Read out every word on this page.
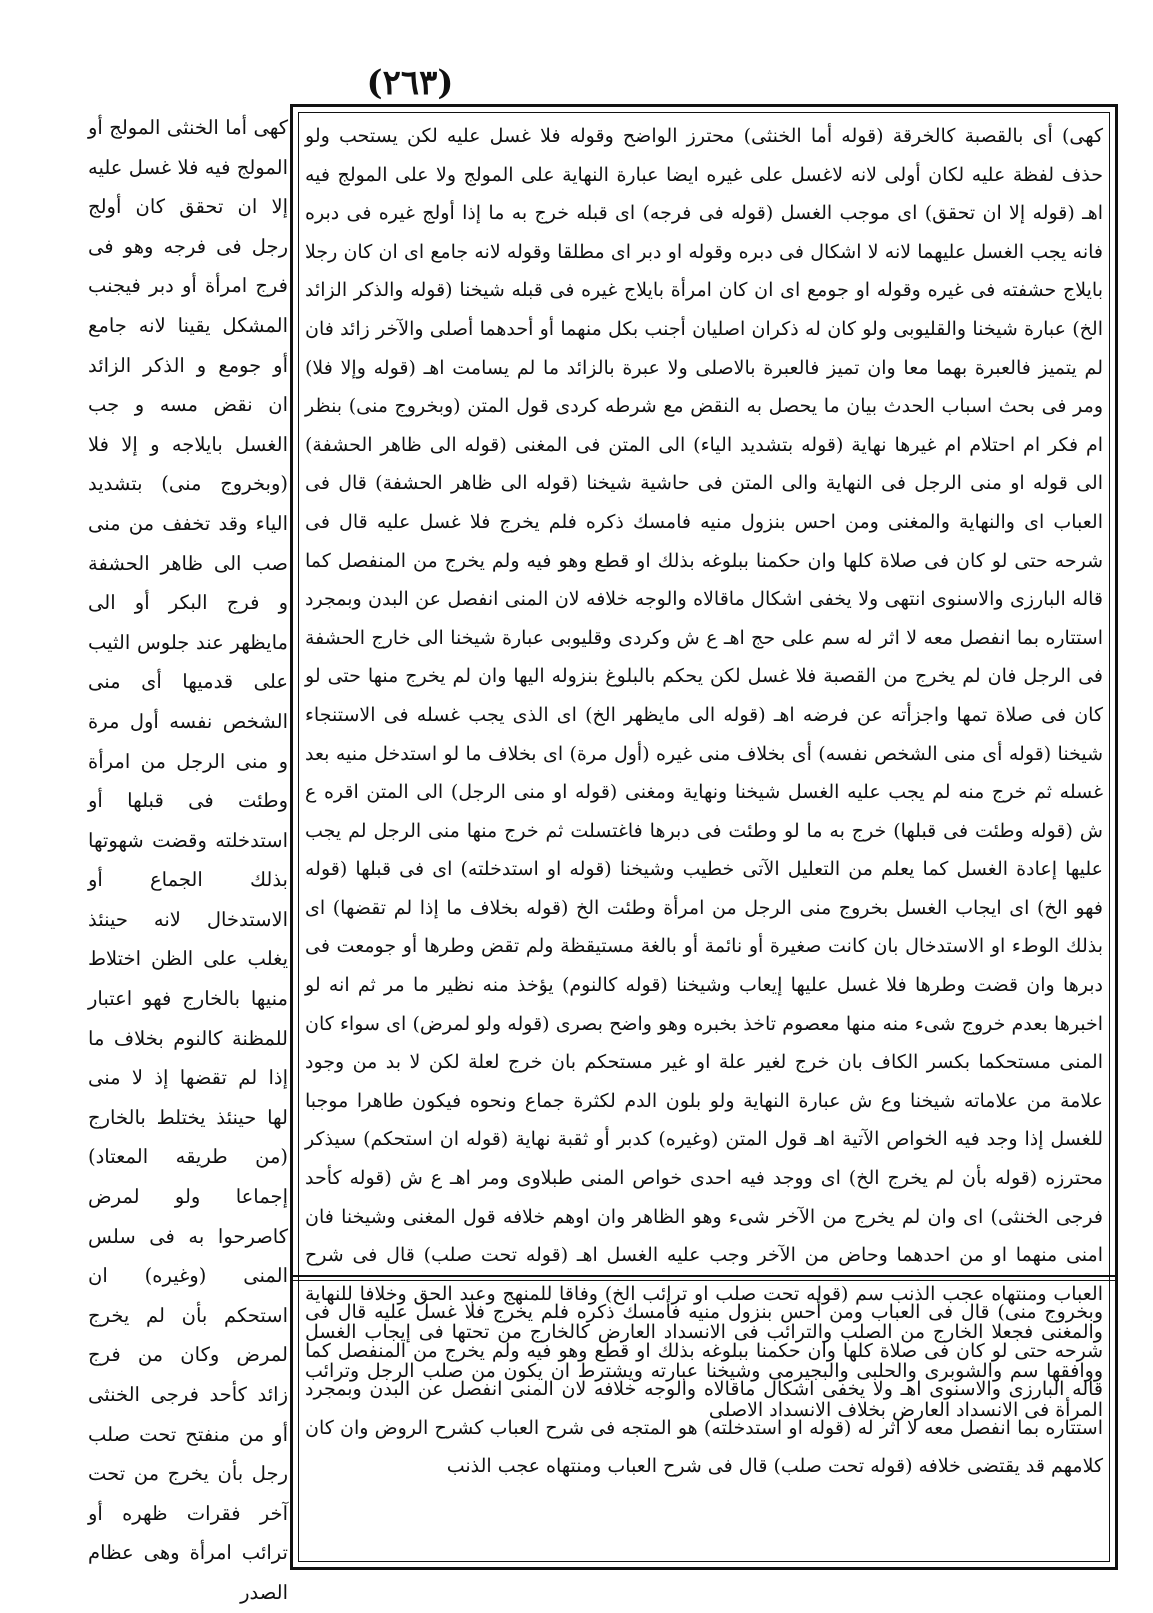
(٢٦٣)

كهى أما الخنثى المولج أو المولج فيه فلا غسل عليه إلا ان تحقق كان أولج رجل فى فرجه وهو فى فرج امرأة أو دبر فيجنب المشكل يقينا لانه جامع أو جومع و الذكر الزائد ان نقض مسه و جب الغسل بايلاجه و إلا فلا (وبخروج منى) بتشديد الياء وقد تخفف من منى صب الى ظاهر الحشفة و فرج البكر أو الى مايظهر عند جلوس الثيب على قدميها أى منى الشخص نفسه أول مرة و منى الرجل من امرأة وطئت فى قبلها أو استدخلته وقضت شهوتها بذلك الجماع أو الاستدخال لانه حينئذ يغلب على الظن اختلاط منيها بالخارج فهو اعتبار للمظنة كالنوم بخلاف ما إذا لم تقضها إذ لا منى لها حينئذ يختلط بالخارج (من طريقه المعتاد) إجماعا ولو لمرض كاصرحوا به فى سلس المنى (وغيره) ان استحكم بأن لم يخرج لمرض وكان من فرج زائد كأحد فرجى الخنثى أو من منفتح تحت صلب رجل بأن يخرج من تحت آخر فقرات ظهره أو ترائب امرأة وهى عظام الصدر

كهى) أى بالقصبة كالخرقة (قوله أما الخنثى) محترز الواضح وقوله فلا غسل عليه لكن يستحب ولو حذف لفظة عليه لكان أولى لانه لاغسل على غيره ايضا عبارة النهاية على المولج ولا على المولج فيه اهـ (قوله إلا ان تحقق) اى موجب الغسل (قوله فى فرجه) اى قبله خرج به ما إذا أولج غيره فى دبره فانه يجب الغسل عليهما لانه لا اشكال فى دبره وقوله او دبر اى مطلقا وقوله لانه جامع اى ان كان رجلا بايلاج حشفته فى غيره وقوله او جومع اى ان كان امرأة بايلاج غيره فى قبله شيخنا (قوله والذكر الزائد الخ) عبارة شيخنا والقليوبى ولو كان له ذكران اصليان أجنب بكل منهما أو أحدهما أصلى والآخر زائد فان لم يتميز فالعبرة بهما معا وان تميز فالعبرة بالاصلى ولا عبرة بالزائد ما لم يسامت اهـ (قوله وإلا فلا) ومر فى بحث اسباب الحدث بيان ما يحصل به النقض مع شرطه كردى قول المتن (وبخروج منى) بنظر ام فكر ام احتلام ام غيرها نهاية (قوله بتشديد الياء) الى المتن فى المغنى (قوله الى ظاهر الحشفة) الى قوله او منى الرجل فى النهاية والى المتن فى حاشية شيخنا (قوله الى ظاهر الحشفة) قال فى العباب اى والنهاية والمغنى ومن احس بنزول منيه فامسك ذكره فلم يخرج فلا غسل عليه قال فى شرحه حتى لو كان فى صلاة كلها وان حكمنا ببلوغه بذلك او قطع وهو فيه ولم يخرج من المنفصل كما قاله البارزى والاسنوى انتهى ولا يخفى اشكال ماقالاه والوجه خلافه لان المنى انفصل عن البدن وبمجرد استتاره بما انفصل معه لا اثر له سم على حج اهـ ع ش وكردى وقليوبى عبارة شيخنا الى خارج الحشفة فى الرجل فان لم يخرج من القصبة فلا غسل لكن يحكم بالبلوغ بنزوله اليها وان لم يخرج منها حتى لو كان فى صلاة تمها واجزأته عن فرضه اهـ (قوله الى مايظهر الخ) اى الذى يجب غسله فى الاستنجاء شيخنا (قوله أى منى الشخص نفسه) أى بخلاف منى غيره (أول مرة) اى بخلاف ما لو استدخل منيه بعد غسله ثم خرج منه لم يجب عليه الغسل شيخنا ونهاية ومغنى (قوله او منى الرجل) الى المتن اقره ع ش (قوله وطئت فى قبلها) خرج به ما لو وطئت فى دبرها فاغتسلت ثم خرج منها منى الرجل لم يجب عليها إعادة الغسل كما يعلم من التعليل الآتى خطيب وشيخنا (قوله او استدخلته) اى فى قبلها (قوله فهو الخ) اى ايجاب الغسل بخروج منى الرجل من امرأة وطئت الخ (قوله بخلاف ما إذا لم تقضها) اى بذلك الوطء او الاستدخال بان كانت صغيرة أو نائمة أو بالغة مستيقظة ولم تقض وطرها أو جومعت فى دبرها وان قضت وطرها فلا غسل عليها إيعاب وشيخنا (قوله كالنوم) يؤخذ منه نظير ما مر ثم انه لو اخبرها بعدم خروج شىء منه منها معصوم تاخذ بخبره وهو واضح بصرى (قوله ولو لمرض) اى سواء كان المنى مستحكما بكسر الكاف بان خرج لغير علة او غير مستحكم بان خرج لعلة لكن لا بد من وجود علامة من علاماته شيخنا وع ش عبارة النهاية ولو بلون الدم لكثرة جماع ونحوه فيكون طاهرا موجبا للغسل إذا وجد فيه الخواص الآتية اهـ قول المتن (وغيره) كدبر أو ثقبة نهاية (قوله ان استحكم) سيذكر محترزه (قوله بأن لم يخرج الخ) اى ووجد فيه احدى خواص المنى طبلاوى ومر اهـ ع ش (قوله كأحد فرجى الخنثى) اى وان لم يخرج من الآخر شىء وهو الظاهر وان اوهم خلافه قول المغنى وشيخنا فان امنى منهما او من احدهما وحاض من الآخر وجب عليه الغسل اهـ (قوله تحت صلب) قال فى شرح العباب ومنتهاه عجب الذنب سم (قوله تحت صلب او ترائب الخ) وفاقا للمنهج وعبد الحق وخلافا للنهاية والمغنى فجعلا الخارج من الصلب والترائب فى الانسداد العارض كالخارج من تحتها فى إيجاب الغسل ووافقها سم والشوبرى والحلبى والبجيرمى وشيخنا عبارته ويشترط ان يكون من صلب الرجل وترائب المرأة فى الانسداد العارض بخلاف الانسداد الاصلى

وبخروج منى) قال فى العباب ومن أحس بنزول منيه فأمسك ذكره فلم يخرج فلا غسل عليه قال فى شرحه حتى لو كان فى صلاة كلها وان حكمنا ببلوغه بذلك او قطع وهو فيه ولم يخرج من المنفصل كما قاله البارزى والاسنوى اهـ ولا يخفى اشكال ماقالاه والوجه خلافه لان المنى انفصل عن البدن وبمجرد استتاره بما انفصل معه لا اثر له (قوله او استدخلته) هو المتجه فى شرح العباب كشرح الروض وان كان كلامهم قد يقتضى خلافه (قوله تحت صلب) قال فى شرح العباب ومنتهاه عجب الذنب
